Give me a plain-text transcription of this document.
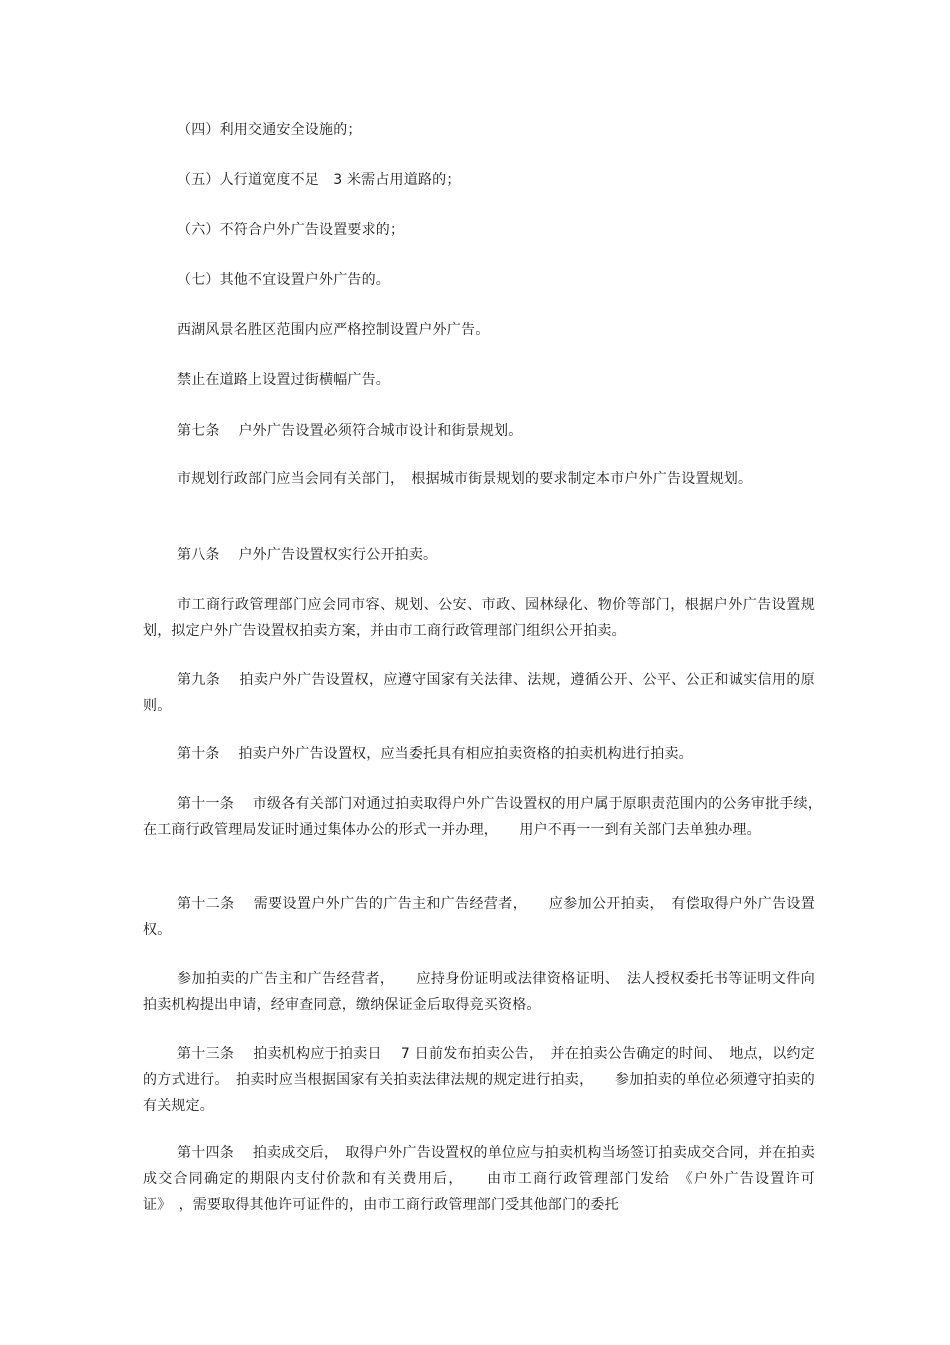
（四）利用交通安全设施的；

（五）人行道宽度不足　3 米需占用道路的；

（六）不符合户外广告设置要求的；

（七）其他不宜设置户外广告的。

西湖风景名胜区范围内应严格控制设置户外广告。

禁止在道路上设置过街横幅广告。

第七条　 户外广告设置必须符合城市设计和街景规划。

市规划行政部门应当会同有关部门，　根据城市街景规划的要求制定本市户外广告设置规划。

第八条　 户外广告设置权实行公开拍卖。

市工商行政管理部门应会同市容、规划、公安、市政、园林绿化、物价等部门，根据户外广告设置规划，拟定户外广告设置权拍卖方案，并由市工商行政管理部门组织公开拍卖。

第九条　 拍卖户外广告设置权，应遵守国家有关法律、法规，遵循公开、公平、公正和诚实信用的原则。

第十条　 拍卖户外广告设置权，应当委托具有相应拍卖资格的拍卖机构进行拍卖。

第十一条　 市级各有关部门对通过拍卖取得户外广告设置权的用户属于原职责范围内的公务审批手续，　在工商行政管理局发证时通过集体办公的形式一并办理，　　用户不再一一到有关部门去单独办理。

第十二条　 需要设置户外广告的广告主和广告经营者，　　应参加公开拍卖，　有偿取得户外广告设置权。

参加拍卖的广告主和广告经营者，　　应持身份证明或法律资格证明、　法人授权委托书等证明文件向拍卖机构提出申请，经审查同意，缴纳保证金后取得竞买资格。

第十三条　 拍卖机构应于拍卖日　 7 日前发布拍卖公告，　并在拍卖公告确定的时间、　地点，以约定的方式进行。　拍卖时应当根据国家有关拍卖法律法规的规定进行拍卖，　　参加拍卖的单位必须遵守拍卖的有关规定。

第十四条　 拍卖成交后，　取得户外广告设置权的单位应与拍卖机构当场签订拍卖成交合同，并在拍卖成交合同确定的期限内支付价款和有关费用后，　　由市工商行政管理部门发给　《户外广告设置许可证》　，需要取得其他许可证件的，由市工商行政管理部门受其他部门的委托
